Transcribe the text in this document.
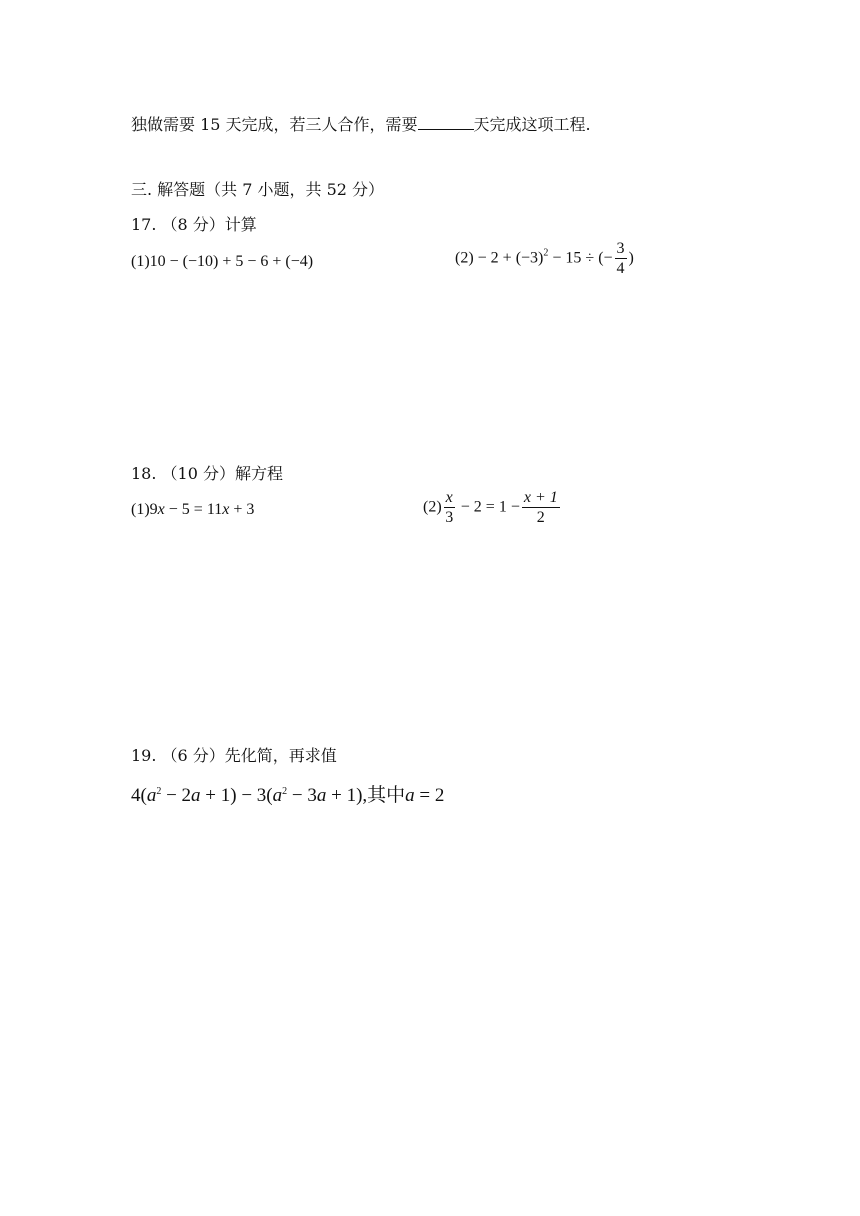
独做需要 15 天完成，若三人合作，需要	天完成这项工程.
三. 解答题（共 7 小题，共 52 分）
17. （8 分）计算
(1)10 − (−10) + 5 − 6 + (−4)	$(2) - 2 + (-3)^2 - 15$ ÷ (− $\frac{3}{4}$ )
18. （10 分）解方程
(1)9x − 5 = 11x + 3	$(2) \frac{x}{3} - 2 = 1 - \frac{x + 1}{2}$
19. （6 分）先化简，再求值
$4(a^2 - 2a + 1) - 3(a^2 - 3a + 1)$,其中a = 2
